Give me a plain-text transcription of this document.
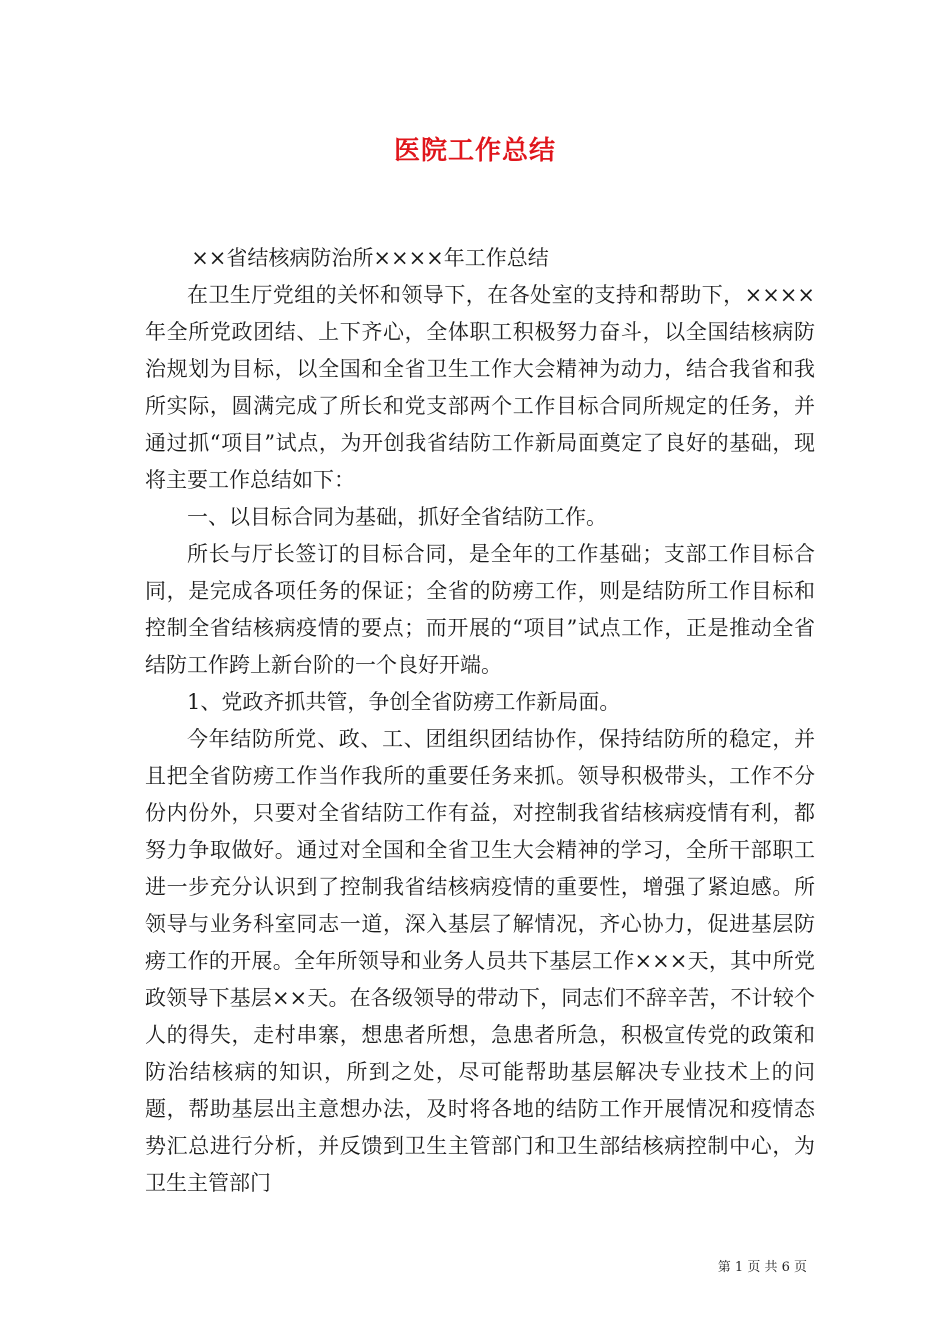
医院工作总结

××省结核病防治所××××年工作总结

在卫生厅党组的关怀和领导下，在各处室的支持和帮助下，××××年全所党政团结、上下齐心，全体职工积极努力奋斗，以全国结核病防治规划为目标，以全国和全省卫生工作大会精神为动力，结合我省和我所实际，圆满完成了所长和党支部两个工作目标合同所规定的任务，并通过抓“项目”试点，为开创我省结防工作新局面奠定了良好的基础，现将主要工作总结如下：

一、以目标合同为基础，抓好全省结防工作。

所长与厅长签订的目标合同，是全年的工作基础；支部工作目标合同，是完成各项任务的保证；全省的防痨工作，则是结防所工作目标和控制全省结核病疫情的要点；而开展的“项目”试点工作，正是推动全省结防工作跨上新台阶的一个良好开端。

1、党政齐抓共管，争创全省防痨工作新局面。

今年结防所党、政、工、团组织团结协作，保持结防所的稳定，并且把全省防痨工作当作我所的重要任务来抓。领导积极带头，工作不分份内份外，只要对全省结防工作有益，对控制我省结核病疫情有利，都努力争取做好。通过对全国和全省卫生大会精神的学习，全所干部职工进一步充分认识到了控制我省结核病疫情的重要性，增强了紧迫感。所领导与业务科室同志一道，深入基层了解情况，齐心协力，促进基层防痨工作的开展。全年所领导和业务人员共下基层工作×××天，其中所党政领导下基层××天。在各级领导的带动下，同志们不辞辛苦，不计较个人的得失，走村串寨，想患者所想，急患者所急，积极宣传党的政策和防治结核病的知识，所到之处，尽可能帮助基层解决专业技术上的问题，帮助基层出主意想办法，及时将各地的结防工作开展情况和疫情态势汇总进行分析，并反馈到卫生主管部门和卫生部结核病控制中心，为卫生主管部门

第 1 页 共 6 页
